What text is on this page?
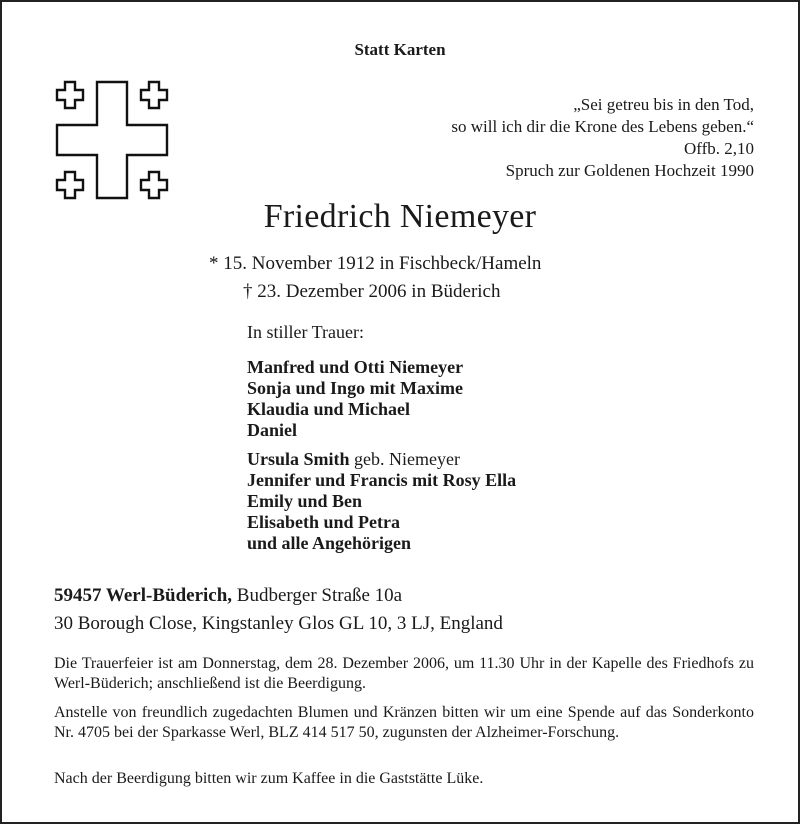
Statt Karten
„Sei getreu bis in den Tod,
so will ich dir die Krone des Lebens geben.“
Offb. 2,10
Spruch zur Goldenen Hochzeit 1990
Friedrich Niemeyer
* 15. November 1912 in Fischbeck/Hameln
† 23. Dezember 2006 in Büderich
In stiller Trauer:
Manfred und Otti Niemeyer
Sonja und Ingo mit Maxime
Klaudia und Michael
Daniel
Ursula Smith geb. Niemeyer
Jennifer und Francis mit Rosy Ella
Emily und Ben
Elisabeth und Petra
und alle Angehörigen
59457 Werl-Büderich, Budberger Straße 10a
30 Borough Close, Kingstanley Glos GL 10, 3 LJ, England

Die Trauerfeier ist am Donnerstag, dem 28. Dezember 2006, um 11.30 Uhr in der Kapelle des Friedhofs zu Werl-Büderich; anschließend ist die Beerdigung.

Anstelle von freundlich zugedachten Blumen und Kränzen bitten wir um eine Spende auf das Sonderkonto Nr. 4705 bei der Sparkasse Werl, BLZ 414 517 50, zugunsten der Alzheimer-Forschung.

Nach der Beerdigung bitten wir zum Kaffee in die Gaststätte Lüke.
